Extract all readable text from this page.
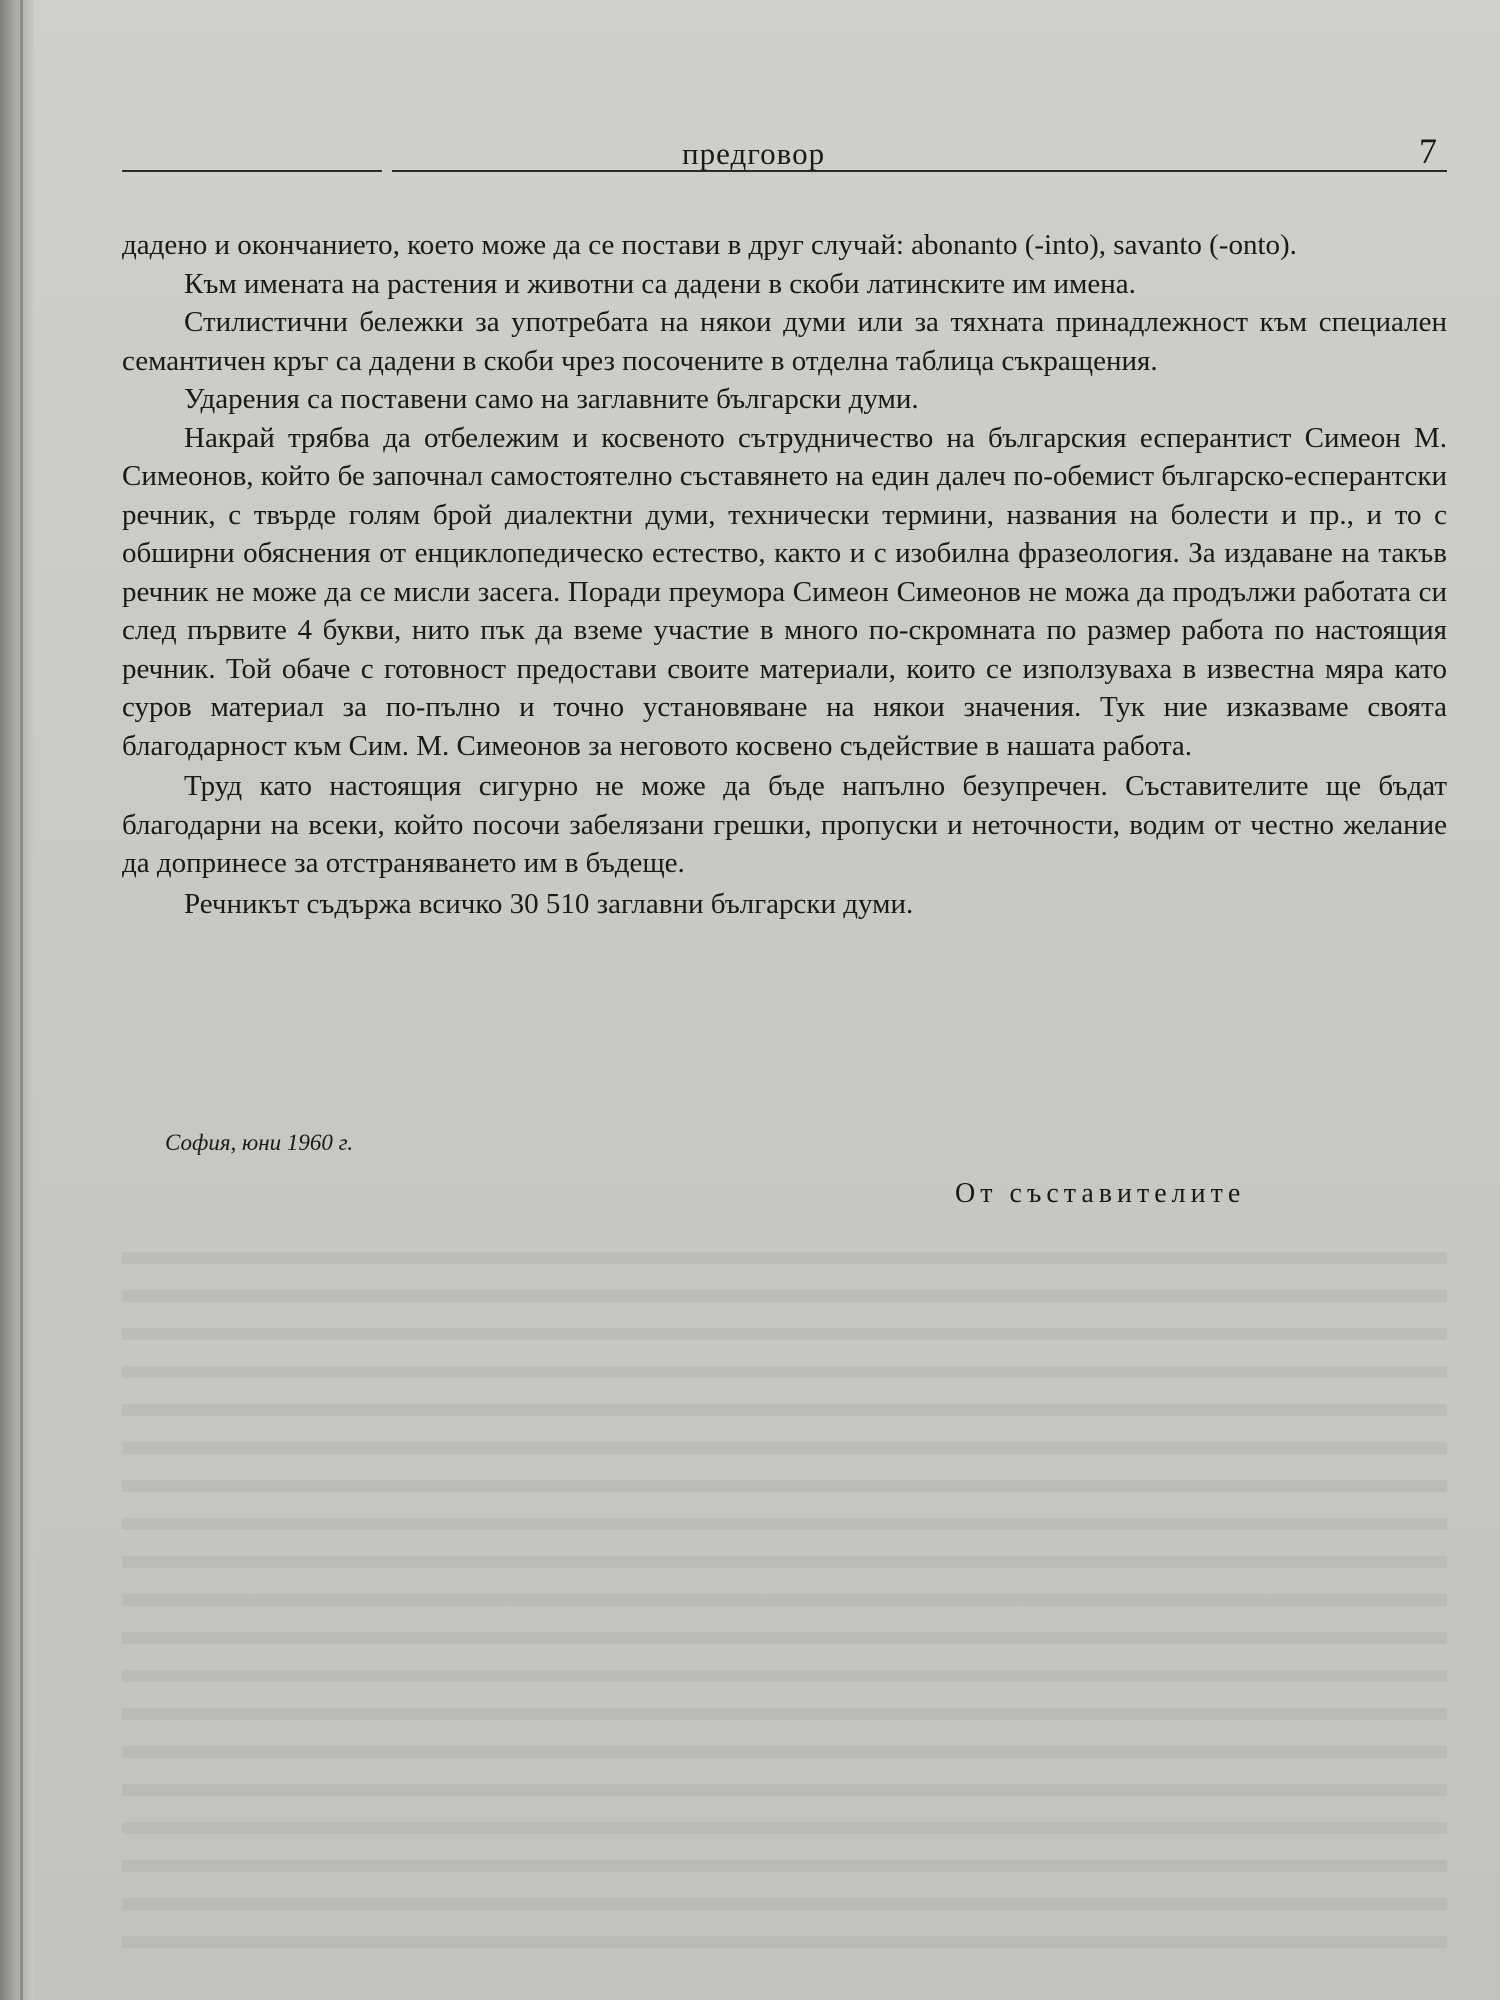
предговор	7

дадено и окончанието, което може да се постави в друг случай: abonanto (-into), savanto (-onto).

Към имената на растения и животни са дадени в скоби латинските им имена.

Стилистични бележки за употребата на някои думи или за тяхната принадлежност към специален семантичен кръг са дадени в скоби чрез посочените в отделна таблица съкращения.

Ударения са поставени само на заглавните български думи.

Накрай трябва да отбележим и косвеното сътрудничество на българския есперантист Симеон М. Симеонов, който бе започнал самостоятелно съставянето на един далеч по-обемист българско-есперантски речник, с твърде голям брой диалектни думи, технически термини, названия на болести и пр., и то с обширни обяснения от енциклопедическо естество, както и с изобилна фразеология. За издаване на такъв речник не може да се мисли засега. Поради преумора Симеон Симеонов не можа да продължи работата си след първите 4 букви, нито пък да вземе участие в много по-скромната по размер работа по настоящия речник. Той обаче с готовност предостави своите материали, които се използуваха в известна мяра като суров материал за по-пълно и точно установяване на някои значения. Тук ние изказваме своята благодарност към Сим. М. Симеонов за неговото косвено съдействие в нашата работа.

Труд като настоящия сигурно не може да бъде напълно безупречен. Съставителите ще бъдат благодарни на всеки, който посочи забелязани грешки, пропуски и неточности, водим от честно желание да допринесе за отстраняването им в бъдеще.

Речникът съдържа всичко 30 510 заглавни български думи.

София, юни 1960 г.
От съставителите
